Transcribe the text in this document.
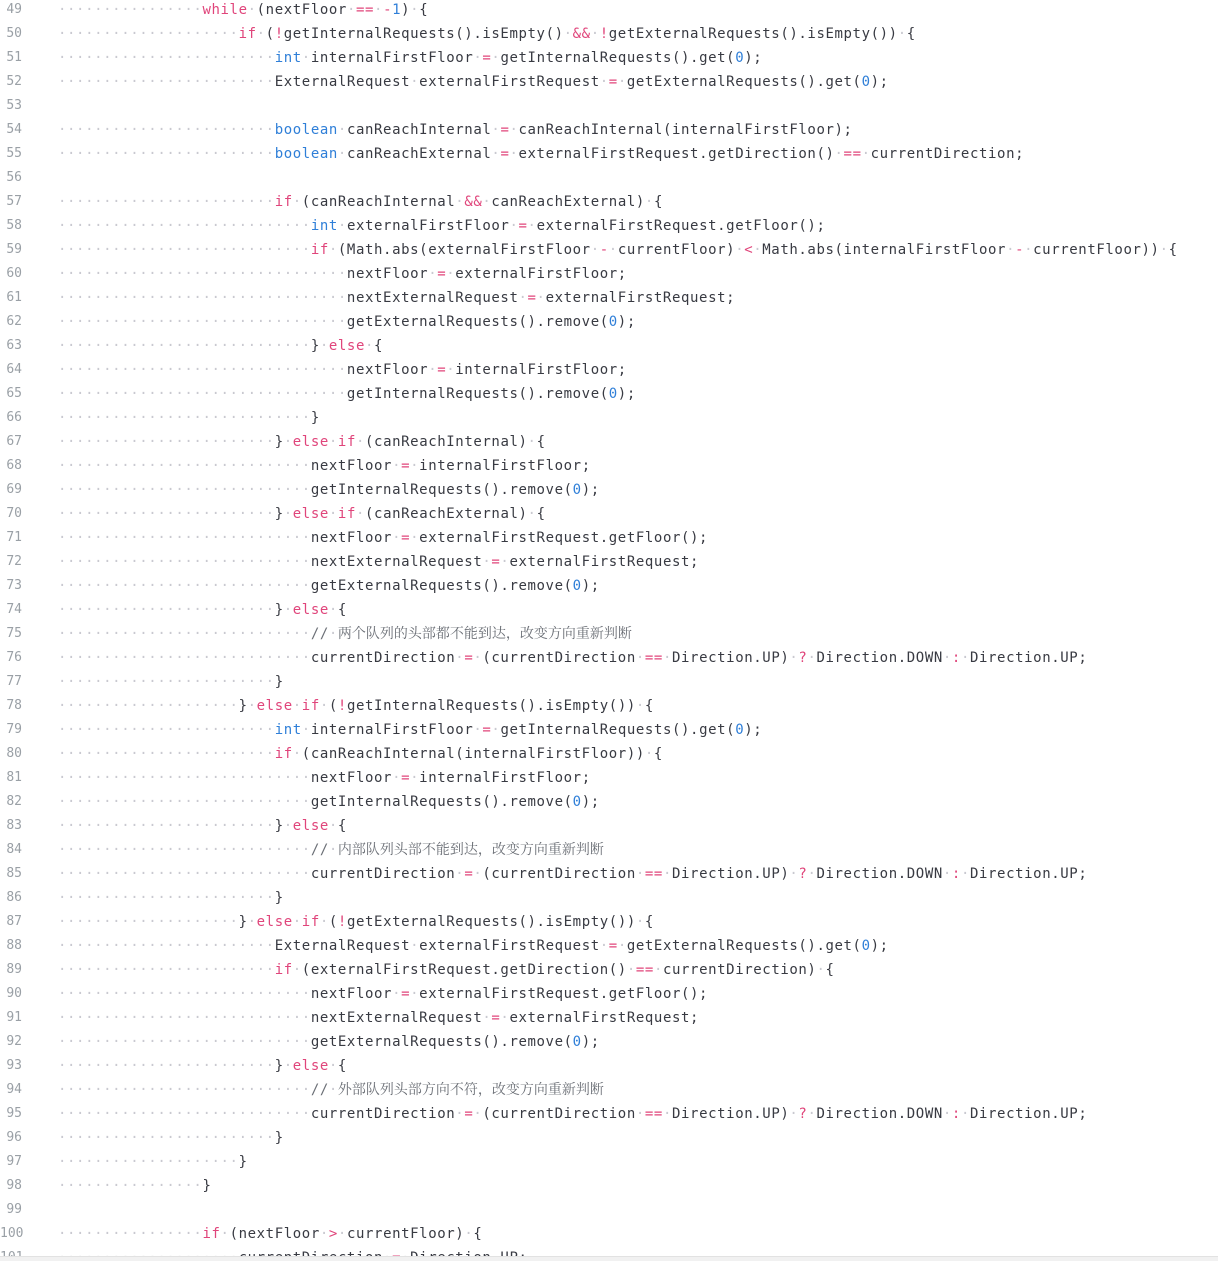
49	················while·(nextFloor·==·-1)·{
50	····················if·(!getInternalRequests().isEmpty()·&&·!getExternalRequests().isEmpty())·{
51	························int·internalFirstFloor·=·getInternalRequests().get(0);
52	························ExternalRequest·externalFirstRequest·=·getExternalRequests().get(0);
53
54	························boolean·canReachInternal·=·canReachInternal(internalFirstFloor);
55	························boolean·canReachExternal·=·externalFirstRequest.getDirection()·==·currentDirection;
56
57	························if·(canReachInternal·&&·canReachExternal)·{
58	····························int·externalFirstFloor·=·externalFirstRequest.getFloor();
59	····························if·(Math.abs(externalFirstFloor·-·currentFloor)·<·Math.abs(internalFirstFloor·-·currentFloor))·{
60	································nextFloor·=·externalFirstFloor;
61	································nextExternalRequest·=·externalFirstRequest;
62	································getExternalRequests().remove(0);
63	····························}·else·{
64	································nextFloor·=·internalFirstFloor;
65	································getInternalRequests().remove(0);
66	····························}
67	························}·else·if·(canReachInternal)·{
68	····························nextFloor·=·internalFirstFloor;
69	····························getInternalRequests().remove(0);
70	························}·else·if·(canReachExternal)·{
71	····························nextFloor·=·externalFirstRequest.getFloor();
72	····························nextExternalRequest·=·externalFirstRequest;
73	····························getExternalRequests().remove(0);
74	························}·else·{
75	····························//·两个队列的头部都不能到达，改变方向重新判断
76	····························currentDirection·=·(currentDirection·==·Direction.UP)·?·Direction.DOWN·:·Direction.UP;
77	························}
78	····················}·else·if·(!getInternalRequests().isEmpty())·{
79	························int·internalFirstFloor·=·getInternalRequests().get(0);
80	························if·(canReachInternal(internalFirstFloor))·{
81	····························nextFloor·=·internalFirstFloor;
82	····························getInternalRequests().remove(0);
83	························}·else·{
84	····························//·内部队列头部不能到达，改变方向重新判断
85	····························currentDirection·=·(currentDirection·==·Direction.UP)·?·Direction.DOWN·:·Direction.UP;
86	························}
87	····················}·else·if·(!getExternalRequests().isEmpty())·{
88	························ExternalRequest·externalFirstRequest·=·getExternalRequests().get(0);
89	························if·(externalFirstRequest.getDirection()·==·currentDirection)·{
90	····························nextFloor·=·externalFirstRequest.getFloor();
91	····························nextExternalRequest·=·externalFirstRequest;
92	····························getExternalRequests().remove(0);
93	························}·else·{
94	····························//·外部队列头部方向不符，改变方向重新判断
95	····························currentDirection·=·(currentDirection·==·Direction.UP)·?·Direction.DOWN·:·Direction.UP;
96	························}
97	····················}
98	················}
99
100 ················if·(nextFloor·>·currentFloor)·{
